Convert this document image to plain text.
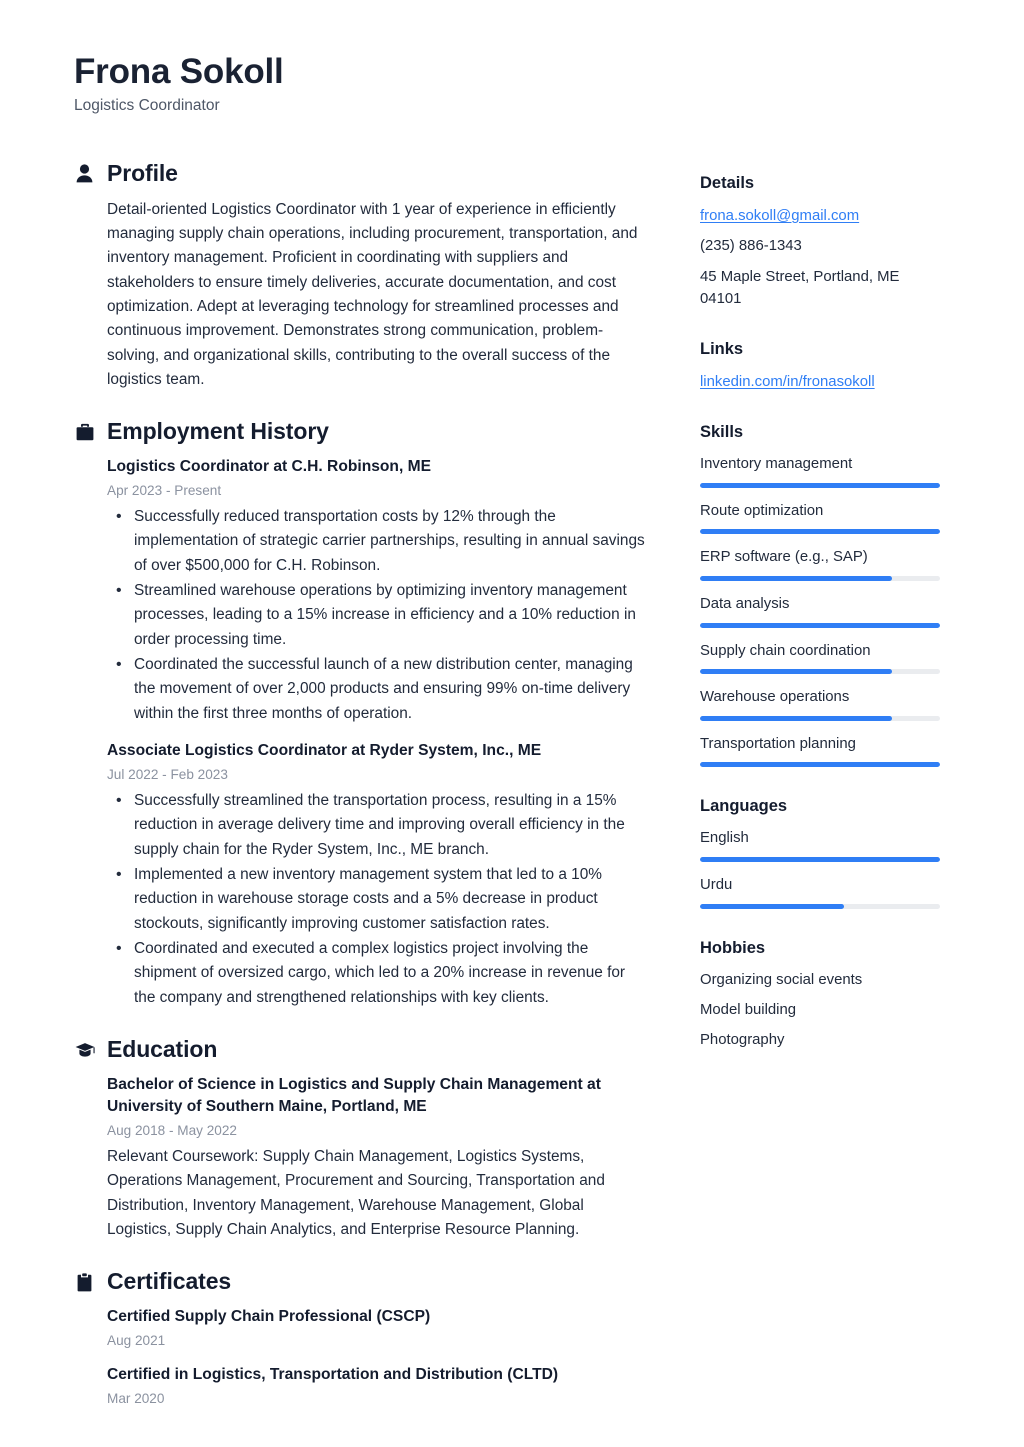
Frona Sokoll
Logistics Coordinator
Profile

Detail-oriented Logistics Coordinator with 1 year of experience in efficiently managing supply chain operations, including procurement, transportation, and inventory management. Proficient in coordinating with suppliers and stakeholders to ensure timely deliveries, accurate documentation, and cost optimization. Adept at leveraging technology for streamlined processes and continuous improvement. Demonstrates strong communication, problem-solving, and organizational skills, contributing to the overall success of the logistics team.

Employment History
Logistics Coordinator at C.H. Robinson, ME
Apr 2023 - Present
• Successfully reduced transportation costs by 12% through the implementation of strategic carrier partnerships, resulting in annual savings of over $500,000 for C.H. Robinson.
• Streamlined warehouse operations by optimizing inventory management processes, leading to a 15% increase in efficiency and a 10% reduction in order processing time.
• Coordinated the successful launch of a new distribution center, managing the movement of over 2,000 products and ensuring 99% on-time delivery within the first three months of operation.
Associate Logistics Coordinator at Ryder System, Inc., ME
Jul 2022 - Feb 2023
• Successfully streamlined the transportation process, resulting in a 15% reduction in average delivery time and improving overall efficiency in the supply chain for the Ryder System, Inc., ME branch.
• Implemented a new inventory management system that led to a 10% reduction in warehouse storage costs and a 5% decrease in product stockouts, significantly improving customer satisfaction rates.
• Coordinated and executed a complex logistics project involving the shipment of oversized cargo, which led to a 20% increase in revenue for the company and strengthened relationships with key clients.
Education
Bachelor of Science in Logistics and Supply Chain Management at University of Southern Maine, Portland, ME
Aug 2018 - May 2022
Relevant Coursework: Supply Chain Management, Logistics Systems, Operations Management, Procurement and Sourcing, Transportation and Distribution, Inventory Management, Warehouse Management, Global Logistics, Supply Chain Analytics, and Enterprise Resource Planning.
Certificates
Certified Supply Chain Professional (CSCP)
Aug 2021
Certified in Logistics, Transportation and Distribution (CLTD)
Mar 2020
Details
frona.sokoll@gmail.com
(235) 886-1343
45 Maple Street, Portland, ME 04101
Links
linkedin.com/in/fronasokoll
Skills
Inventory management
Route optimization
ERP software (e.g., SAP)
Data analysis
Supply chain coordination
Warehouse operations
Transportation planning
Languages
English
Urdu
Hobbies
Organizing social events
Model building
Photography
